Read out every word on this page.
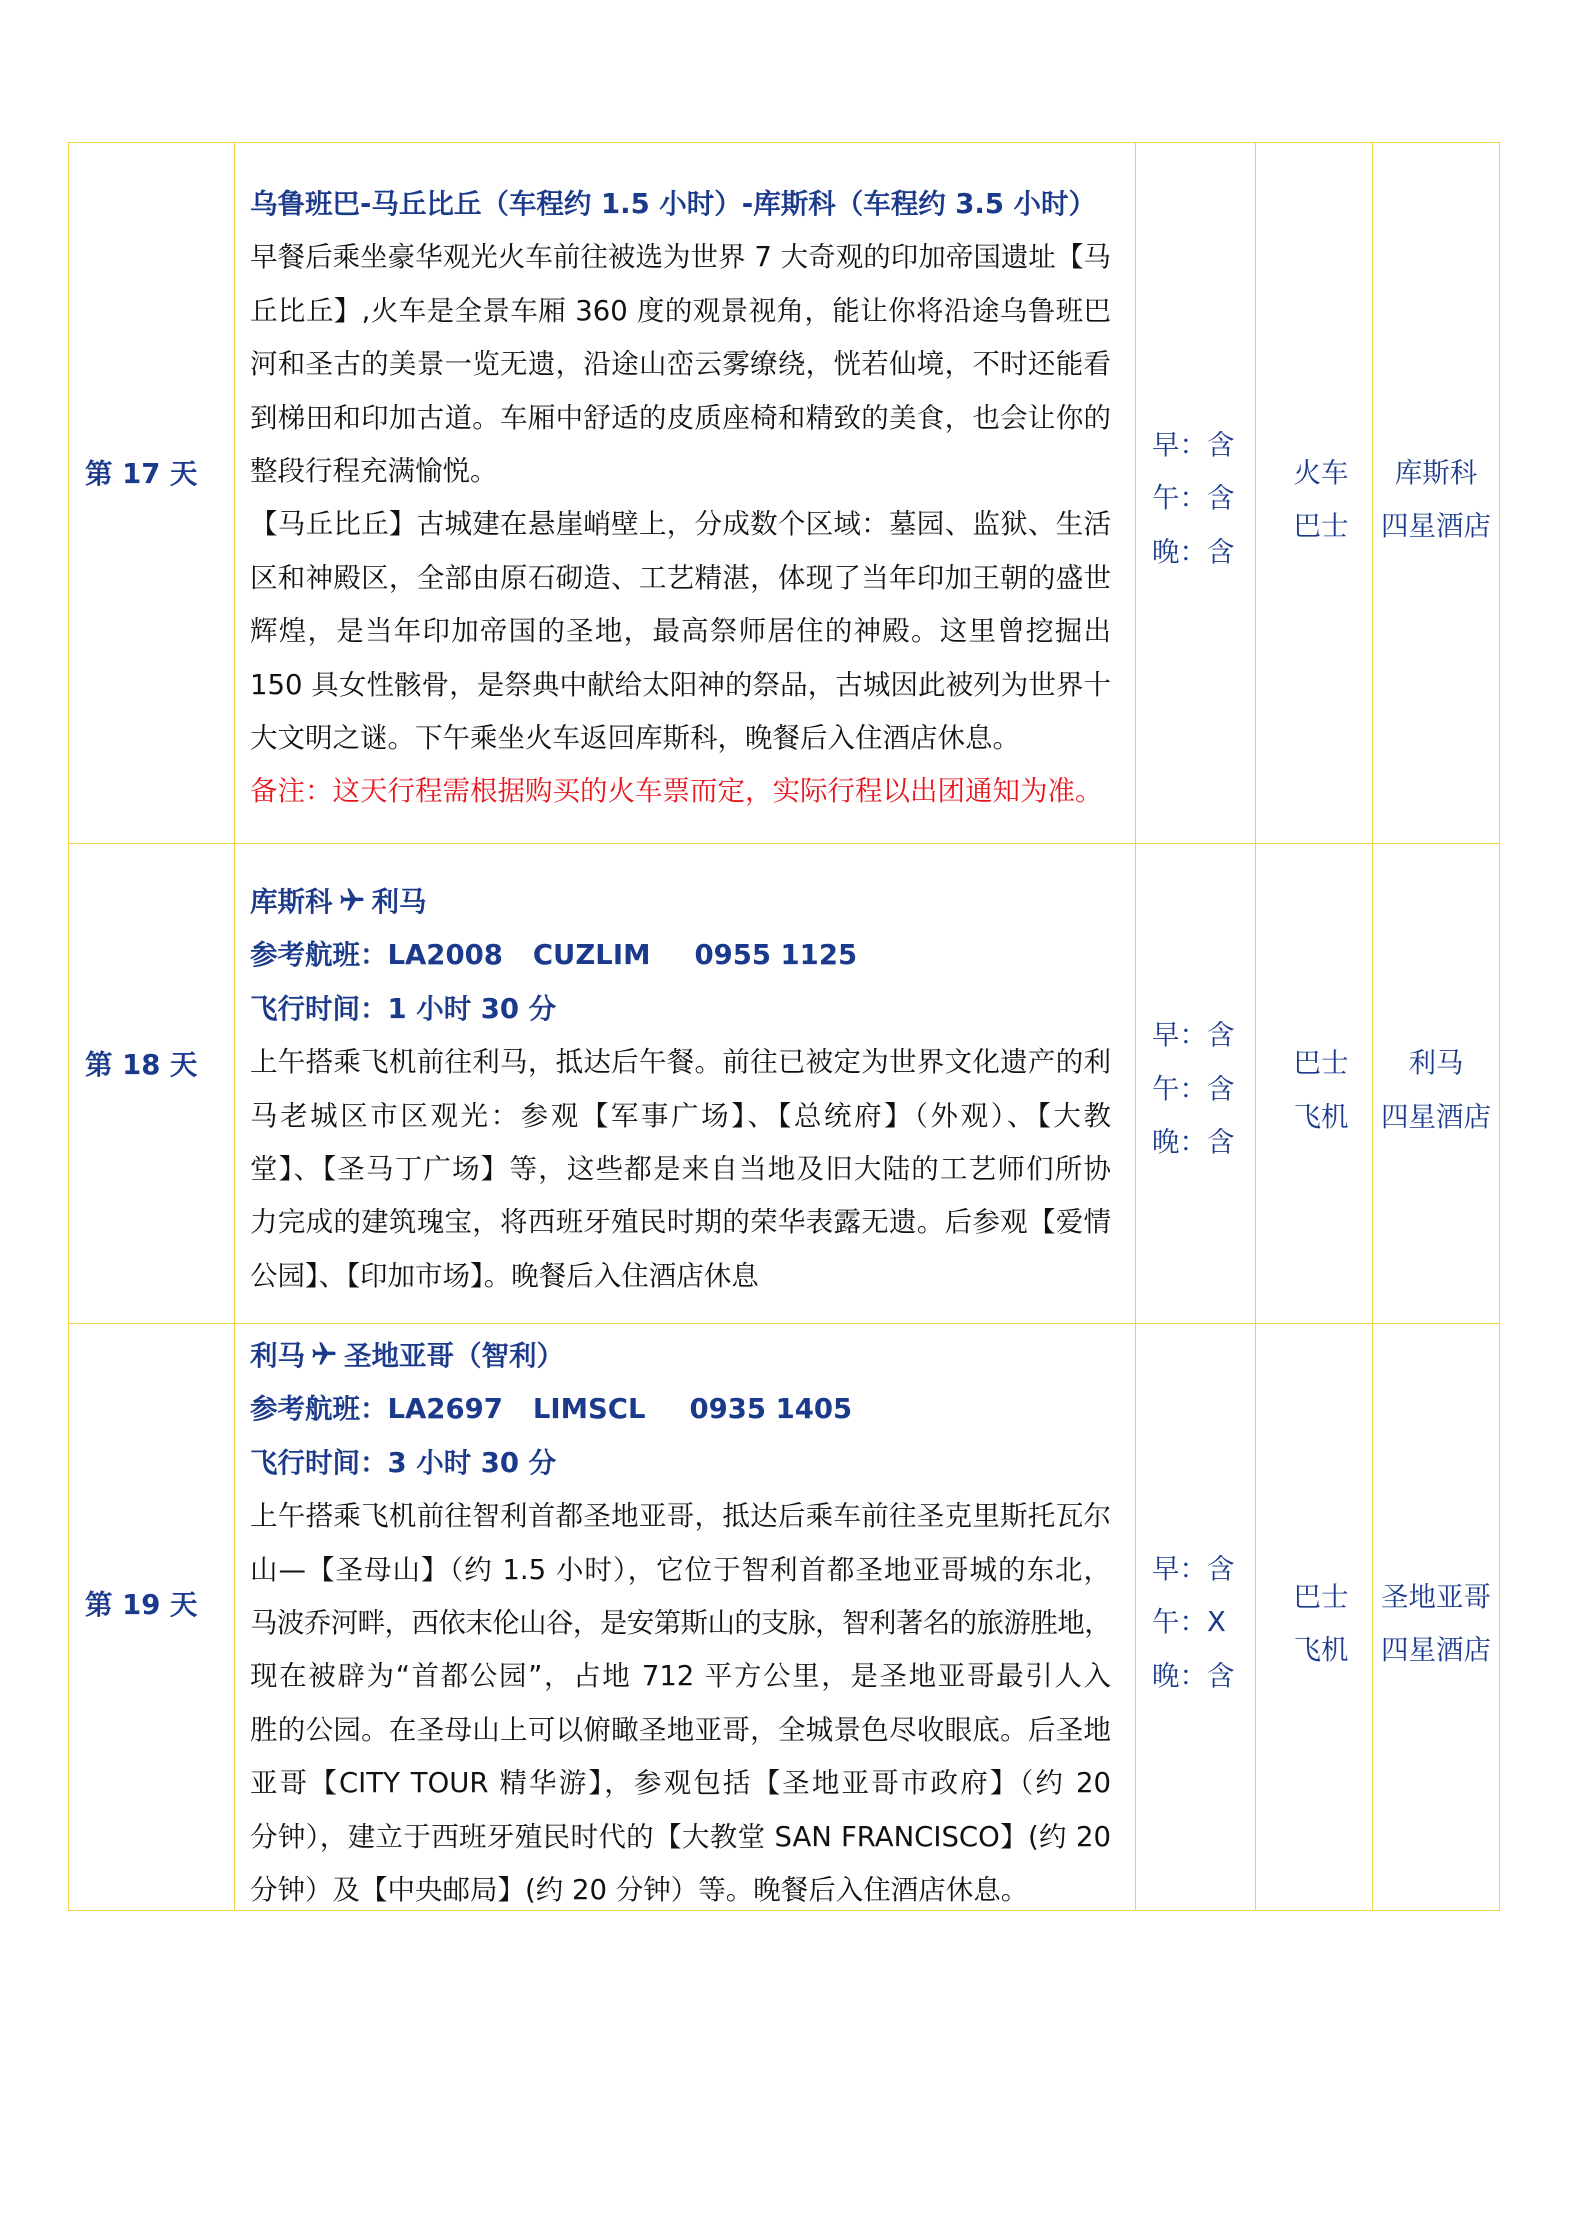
第 17 天
乌鲁班巴-马丘比丘（车程约 1.5 小时）-库斯科（车程约 3.5 小时）
早餐后乘坐豪华观光火车前往被选为世界 7 大奇观的印加帝国遗址【马
丘比丘】,火车是全景车厢 360 度的观景视角，能让你将沿途乌鲁班巴
河和圣古的美景一览无遗，沿途山峦云雾缭绕，恍若仙境，不时还能看
到梯田和印加古道。车厢中舒适的皮质座椅和精致的美食，也会让你的
整段行程充满愉悦。
【马丘比丘】古城建在悬崖峭壁上，分成数个区域：墓园、监狱、生活
区和神殿区，全部由原石砌造、工艺精湛，体现了当年印加王朝的盛世
辉煌，是当年印加帝国的圣地，最高祭师居住的神殿。这里曾挖掘出
150 具女性骸骨，是祭典中献给太阳神的祭品，古城因此被列为世界十
大文明之谜。下午乘坐火车返回库斯科，晚餐后入住酒店休息。
备注：这天行程需根据购买的火车票而定，实际行程以出团通知为准。
早：含
午：含
晚：含
火车
巴士
库斯科
四星酒店
第 18 天
库斯科 利马
参考航班：LA2008 CUZLIM 0955 1125
飞行时间：1 小时 30 分
上午搭乘飞机前往利马，抵达后午餐。前往已被定为世界文化遗产的利
马老城区市区观光：参观【军事广场】、【总统府】（外观）、【大教
堂】、【圣马丁广场】等，这些都是来自当地及旧大陆的工艺师们所协
力完成的建筑瑰宝，将西班牙殖民时期的荣华表露无遗。后参观【爱情
公园】、【印加市场】。晚餐后入住酒店休息
早：含
午：含
晚：含
巴士
飞机
利马
四星酒店
第 19 天
利马 圣地亚哥（智利）
参考航班：LA2697 LIMSCL 0935 1405
飞行时间：3 小时 30 分
上午搭乘飞机前往智利首都圣地亚哥，抵达后乘车前往圣克里斯托瓦尔
山—【圣母山】（约 1.5 小时），它位于智利首都圣地亚哥城的东北，
马波乔河畔，西依末伦山谷，是安第斯山的支脉，智利著名的旅游胜地，
现在被辟为“首都公园”，占地 712 平方公里，是圣地亚哥最引人入
胜的公园。在圣母山上可以俯瞰圣地亚哥，全城景色尽收眼底。后圣地
亚哥【CITY TOUR 精华游】，参观包括【圣地亚哥市政府】（约 20
分钟），建立于西班牙殖民时代的【大教堂 SAN FRANCISCO】(约 20
分钟）及【中央邮局】(约 20 分钟）等。晚餐后入住酒店休息。
早：含
午：X
晚：含
巴士
飞机
圣地亚哥
四星酒店
